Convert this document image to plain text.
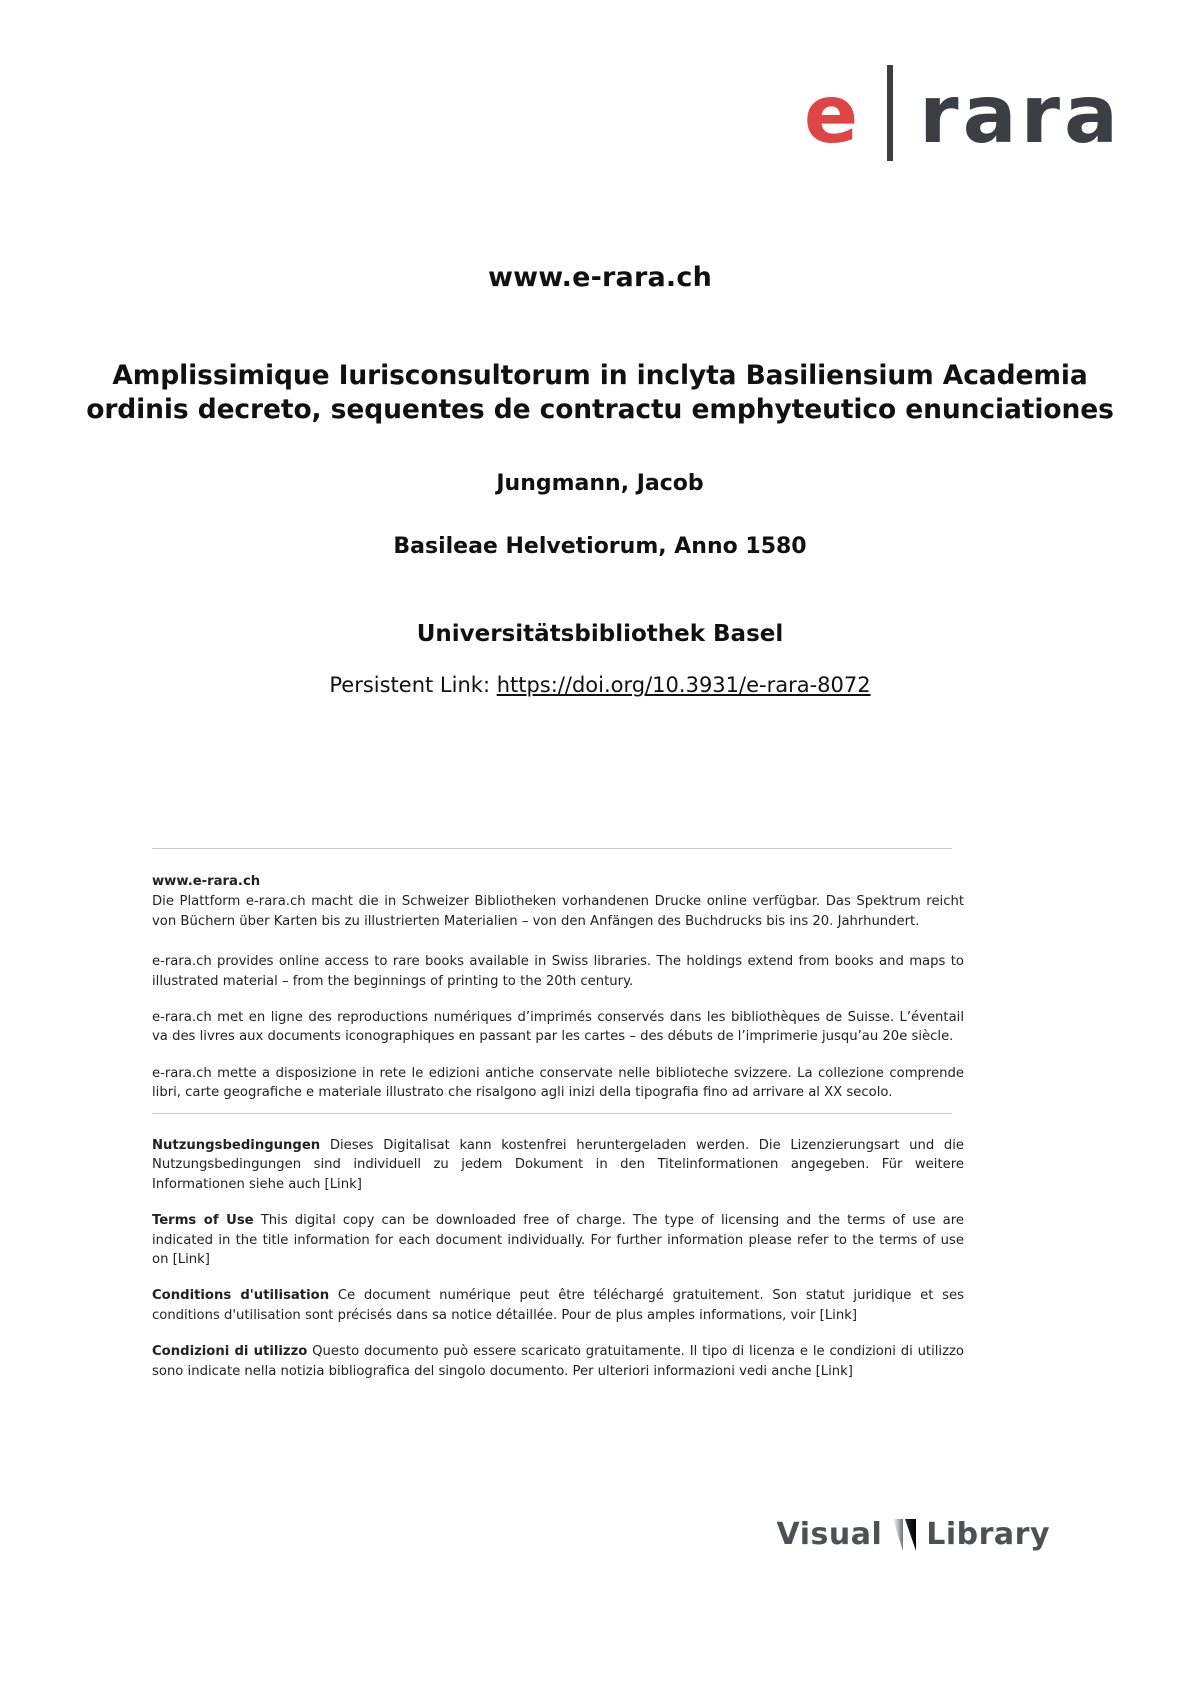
e rara
www.e-rara.ch
Amplissimique Iurisconsultorum in inclyta Basiliensium Academia ordinis decreto, sequentes de contractu emphyteutico enunciationes
Jungmann, Jacob
Basileae Helvetiorum, Anno 1580
Universitätsbibliothek Basel
Persistent Link: https://doi.org/10.3931/e-rara-8072

www.e-rara.ch
Die Plattform e-rara.ch macht die in Schweizer Bibliotheken vorhandenen Drucke online verfügbar. Das Spektrum reicht von Büchern über Karten bis zu illustrierten Materialien – von den Anfängen des Buchdrucks bis ins 20. Jahrhundert.

e-rara.ch provides online access to rare books available in Swiss libraries. The holdings extend from books and maps to illustrated material – from the beginnings of printing to the 20th century.

e-rara.ch met en ligne des reproductions numériques d’imprimés conservés dans les bibliothèques de Suisse. L’éventail va des livres aux documents iconographiques en passant par les cartes – des débuts de l’imprimerie jusqu’au 20e siècle.

e-rara.ch mette a disposizione in rete le edizioni antiche conservate nelle biblioteche svizzere. La collezione comprende libri, carte geografiche e materiale illustrato che risalgono agli inizi della tipografia fino ad arrivare al XX secolo.

Nutzungsbedingungen Dieses Digitalisat kann kostenfrei heruntergeladen werden. Die Lizenzierungsart und die Nutzungsbedingungen sind individuell zu jedem Dokument in den Titelinformationen angegeben. Für weitere Informationen siehe auch [Link]

Terms of Use This digital copy can be downloaded free of charge. The type of licensing and the terms of use are indicated in the title information for each document individually. For further information please refer to the terms of use on [Link]

Conditions d'utilisation Ce document numérique peut être téléchargé gratuitement. Son statut juridique et ses conditions d'utilisation sont précisés dans sa notice détaillée. Pour de plus amples informations, voir [Link]

Condizioni di utilizzo Questo documento può essere scaricato gratuitamente. Il tipo di licenza e le condizioni di utilizzo sono indicate nella notizia bibliografica del singolo documento. Per ulteriori informazioni vedi anche [Link]

Visual Library
